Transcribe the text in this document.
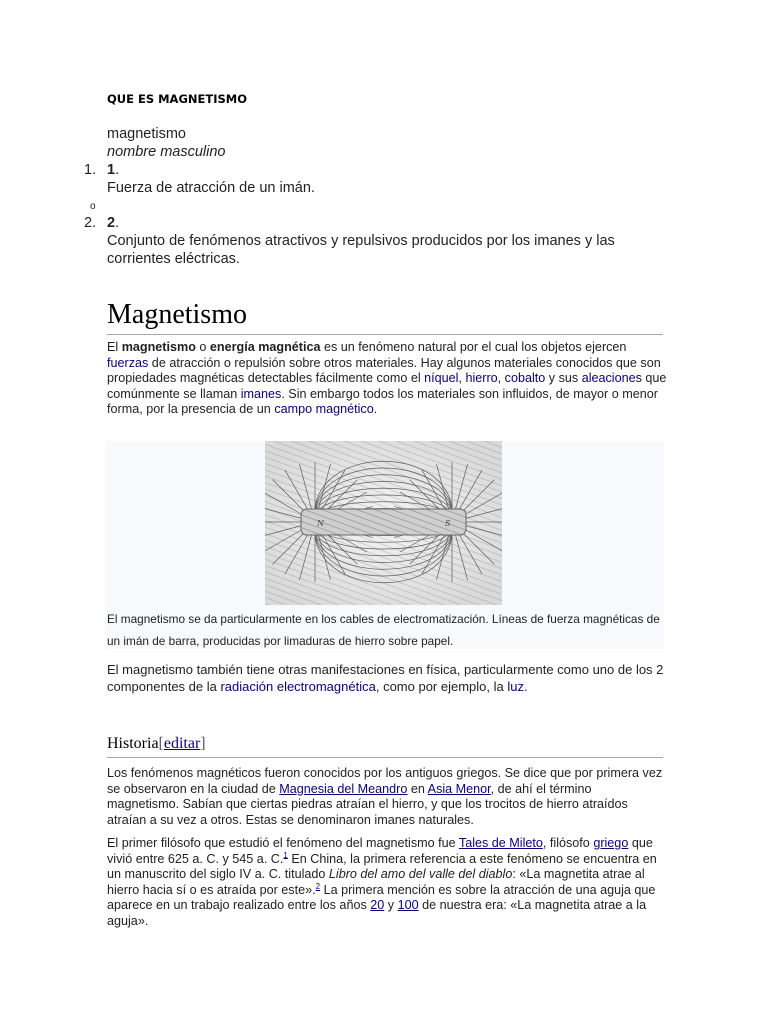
QUE ES MAGNETISMO
magnetismo
nombre masculino
1. 1.
Fuerza de atracción de un imán.
o
2. 2.
Conjunto de fenómenos atractivos y repulsivos producidos por los imanes y las
corrientes eléctricas.
Magnetismo
El magnetismo o energía magnética es un fenómeno natural por el cual los objetos ejercen fuerzas de atracción o repulsión sobre otros materiales. Hay algunos materiales conocidos que son propiedades magnéticas detectables fácilmente como el níquel, hierro, cobalto y sus aleaciones que comúnmente se llaman imanes. Sin embargo todos los materiales son influidos, de mayor o menor forma, por la presencia de un campo magnético.
N	S
El magnetismo se da particularmente en los cables de electromatización. Líneas de fuerza magnéticas de un imán de barra, producidas por limaduras de hierro sobre papel.
El magnetismo también tiene otras manifestaciones en física, particularmente como uno de los 2 componentes de la radiación electromagnética, como por ejemplo, la luz.
Historia[editar]
Los fenómenos magnéticos fueron conocidos por los antiguos griegos. Se dice que por primera vez se observaron en la ciudad de Magnesia del Meandro en Asia Menor, de ahí el término magnetismo. Sabían que ciertas piedras atraían el hierro, y que los trocitos de hierro atraídos atraían a su vez a otros. Estas se denominaron imanes naturales.
El primer filósofo que estudió el fenómeno del magnetismo fue Tales de Mileto, filósofo griego que vivió entre 625 a. C. y 545 a. C.$^1$ En China, la primera referencia a este fenómeno se encuentra en un manuscrito del siglo IV a. C. titulado Libro del amo del valle del diablo: «La magnetita atrae al hierro hacia sí o es atraída por este».$^2$ La primera mención es sobre la atracción de una aguja que aparece en un trabajo realizado entre los años 20 y 100 de nuestra era: «La magnetita atrae a la aguja».
